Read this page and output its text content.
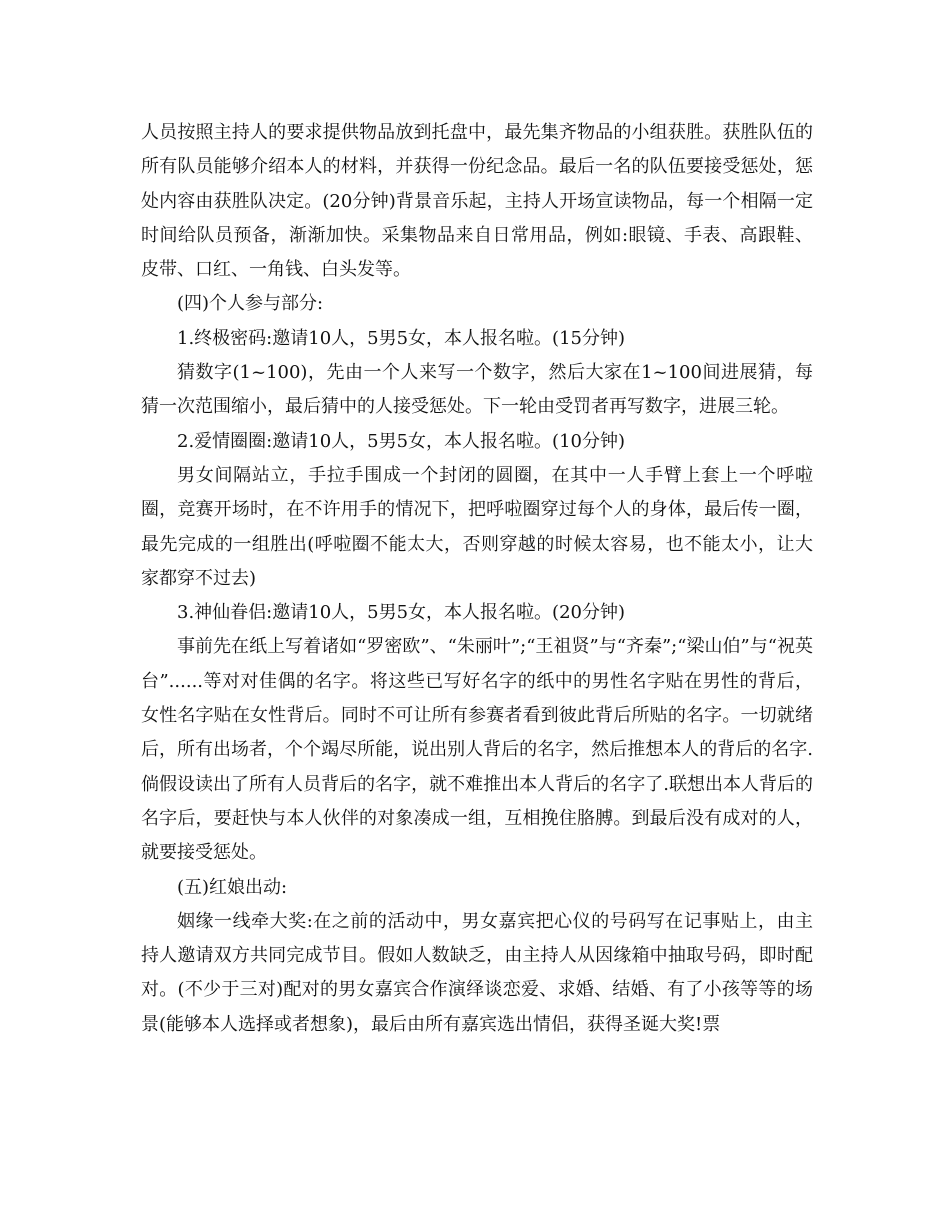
人员按照主持人的要求提供物品放到托盘中，最先集齐物品的小组获胜。获胜队伍的所有队员能够介绍本人的材料，并获得一份纪念品。最后一名的队伍要接受惩处，惩处内容由获胜队决定。(20分钟)背景音乐起，主持人开场宣读物品，每一个相隔一定时间给队员预备，渐渐加快。采集物品来自日常用品，例如:眼镜、手表、高跟鞋、皮带、口红、一角钱、白头发等。

(四)个人参与部分:

1.终极密码:邀请10人，5男5女，本人报名啦。(15分钟)

猜数字(1~100)，先由一个人来写一个数字，然后大家在1~100间进展猜，每猜一次范围缩小，最后猜中的人接受惩处。下一轮由受罚者再写数字，进展三轮。

2.爱情圈圈:邀请10人，5男5女，本人报名啦。(10分钟)

男女间隔站立，手拉手围成一个封闭的圆圈，在其中一人手臂上套上一个呼啦圈，竞赛开场时，在不许用手的情况下，把呼啦圈穿过每个人的身体，最后传一圈，最先完成的一组胜出(呼啦圈不能太大，否则穿越的时候太容易，也不能太小，让大家都穿不过去)

3.神仙眷侣:邀请10人，5男5女，本人报名啦。(20分钟)

事前先在纸上写着诸如“罗密欧”、“朱丽叶”;“王祖贤”与“齐秦”;“梁山伯”与“祝英台”......等对对佳偶的名字。将这些已写好名字的纸中的男性名字贴在男性的背后，女性名字贴在女性背后。同时不可让所有参赛者看到彼此背后所贴的名字。一切就绪后，所有出场者，个个竭尽所能，说出别人背后的名字，然后推想本人的背后的名字.倘假设读出了所有人员背后的名字，就不难推出本人背后的名字了.联想出本人背后的名字后，要赶快与本人伙伴的对象凑成一组，互相挽住胳膊。到最后没有成对的人，就要接受惩处。

(五)红娘出动:

姻缘一线牵大奖:在之前的活动中，男女嘉宾把心仪的号码写在记事贴上，由主持人邀请双方共同完成节目。假如人数缺乏，由主持人从因缘箱中抽取号码，即时配对。(不少于三对)配对的男女嘉宾合作演绎谈恋爱、求婚、结婚、有了小孩等等的场景(能够本人选择或者想象)，最后由所有嘉宾选出情侣，获得圣诞大奖!票
